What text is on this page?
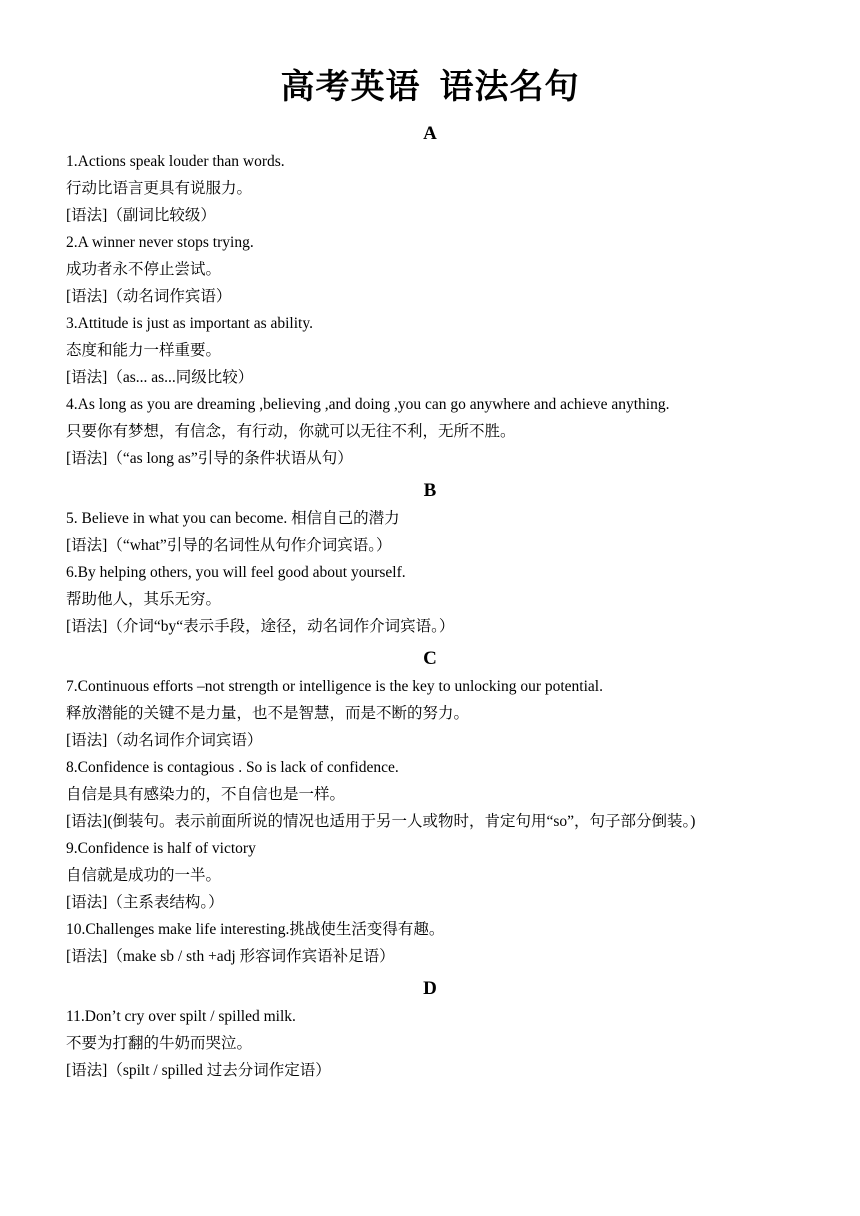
高考英语  语法名句
A
1.Actions speak louder than words.
行动比语言更具有说服力。
[语法]（副词比较级）
2.A winner never stops trying.
成功者永不停止尝试。
[语法]（动名词作宾语）
3.Attitude is just as important as ability.
态度和能力一样重要。
[语法]（as... as...同级比较）
4.As long as you are dreaming ,believing ,and doing ,you can go anywhere and achieve anything.
只要你有梦想，有信念，有行动，你就可以无往不利，无所不胜。
[语法]（“as long as”引导的条件状语从句）
B
5. Believe in what you can become. 相信自己的潜力
[语法]（“what”引导的名词性从句作介词宾语。）
6.By helping others, you will feel good about yourself.
帮助他人，其乐无穷。
[语法]（介词“by“表示手段，途径，动名词作介词宾语。）
C
7.Continuous efforts –not strength or intelligence is the key to unlocking our potential.
释放潜能的关键不是力量，也不是智慧，而是不断的努力。
[语法]（动名词作介词宾语）
8.Confidence is contagious . So is lack of confidence.
自信是具有感染力的，不自信也是一样。
[语法](倒装句。表示前面所说的情况也适用于另一人或物时，肯定句用“so”，句子部分倒装。)
9.Confidence is half of victory
自信就是成功的一半。
[语法]（主系表结构。）
10.Challenges make life interesting.挑战使生活变得有趣。
[语法]（make sb / sth +adj 形容词作宾语补足语）
D
11.Don’t cry over spilt / spilled milk.
不要为打翻的牛奶而哭泣。
[语法]（spilt / spilled 过去分词作定语）
